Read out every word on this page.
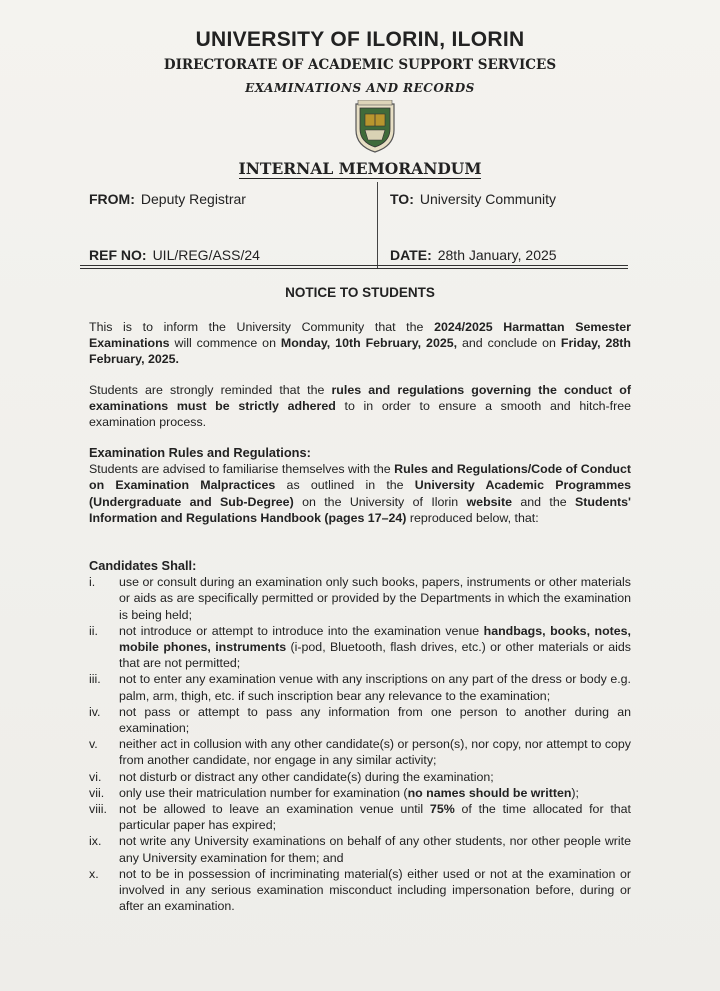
UNIVERSITY OF ILORIN, ILORIN
DIRECTORATE OF ACADEMIC SUPPORT SERVICES
EXAMINATIONS AND RECORDS
INTERNAL MEMORANDUM
FROM: Deputy Registrar	TO: University Community
REF NO: UIL/REG/ASS/24	DATE: 28th January, 2025
NOTICE TO STUDENTS
This is to inform the University Community that the 2024/2025 Harmattan Semester Examinations will commence on Monday, 10th February, 2025, and conclude on Friday, 28th February, 2025.
Students are strongly reminded that the rules and regulations governing the conduct of examinations must be strictly adhered to in order to ensure a smooth and hitch-free examination process.
Examination Rules and Regulations:
Students are advised to familiarise themselves with the Rules and Regulations/Code of Conduct on Examination Malpractices as outlined in the University Academic Programmes (Undergraduate and Sub-Degree) on the University of Ilorin website and the Students' Information and Regulations Handbook (pages 17–24) reproduced below, that:
Candidates Shall:
i. use or consult during an examination only such books, papers, instruments or other materials or aids as are specifically permitted or provided by the Departments in which the examination is being held;
ii. not introduce or attempt to introduce into the examination venue handbags, books, notes, mobile phones, instruments (i-pod, Bluetooth, flash drives, etc.) or other materials or aids that are not permitted;
iii. not to enter any examination venue with any inscriptions on any part of the dress or body e.g. palm, arm, thigh, etc. if such inscription bear any relevance to the examination;
iv. not pass or attempt to pass any information from one person to another during an examination;
v. neither act in collusion with any other candidate(s) or person(s), nor copy, nor attempt to copy from another candidate, nor engage in any similar activity;
vi. not disturb or distract any other candidate(s) during the examination;
vii. only use their matriculation number for examination (no names should be written);
viii. not be allowed to leave an examination venue until 75% of the time allocated for that particular paper has expired;
ix. not write any University examinations on behalf of any other students, nor other people write any University examination for them; and
x. not to be in possession of incriminating material(s) either used or not at the examination or involved in any serious examination misconduct including impersonation before, during or after an examination.
